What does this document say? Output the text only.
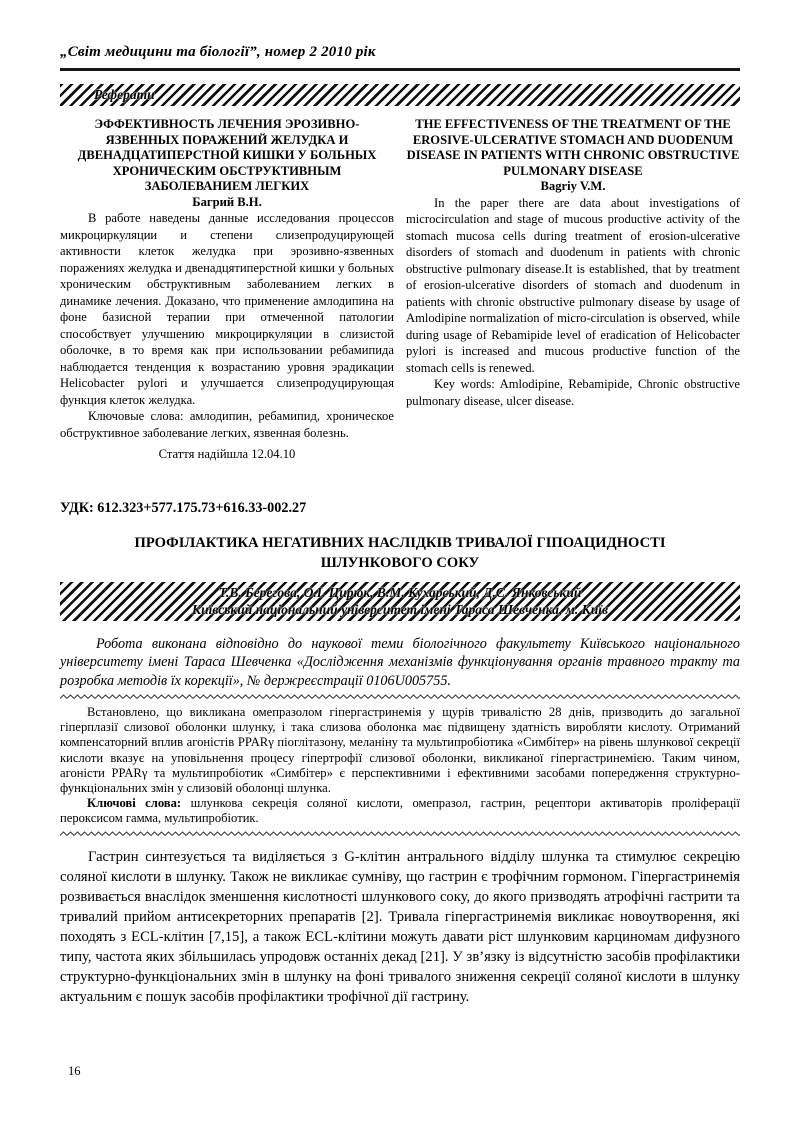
„Світ медицини та біології”, номер 2 2010 рік
Реферати
ЭФФЕКТИВНОСТЬ ЛЕЧЕНИЯ ЭРОЗИВНО-ЯЗВЕННЫХ ПОРАЖЕНИЙ ЖЕЛУДКА И ДВЕНАДЦАТИПЕРСТНОЙ КИШКИ У БОЛЬНЫХ ХРОНИЧЕСКИМ ОБСТРУКТИВНЫМ ЗАБОЛЕВАНИЕМ ЛЕГКИХ
Багрий В.Н.

В работе наведены данные исследования процессов микроциркуляции и степени слизепродуцирующей активности клеток желудка при эрозивно-язвенных поражениях желудка и двенадцятиперстной кишки у больных хроническим обструктивным заболеванием легких в динамике лечения. Доказано, что применение амлодипина на фоне базисной терапии при отмеченной патологии способствует улучшению микроциркуляции в слизистой оболочке, в то время как при использовании ребамипида наблюдается тенденция к возрастанию уровня эрадикации Helicobacter pylori и улучшается слизепродуцирующая функция клеток желудка.

Ключовые слова: амлодипин, ребамипид, хроническое обструктивное заболевание легких, язвенная болезнь.

Стаття надійшла 12.04.10
THE EFFECTIVENESS OF THE TREATMENT OF THE EROSIVE-ULCERATIVE STOMACH AND DUODENUM DISEASE IN PATIENTS WITH CHRONIC OBSTRUCTIVE PULMONARY DISEASE
Bagriy V.M.

In the paper there are data about investigations of microcirculation and stage of mucous productive activity of the stomach mucosa cells during treatment of erosion-ulcerative disorders of stomach and duodenum in patients with chronic obstructive pulmonary disease.It is established, that by treatment of erosion-ulcerative disorders of stomach and duodenum in patients with chronic obstructive pulmonary disease by usage of Amlodipine normalization of micro-circulation is observed, while during usage of Rebamipide level of eradication of Helicobacter pylori is increased and mucous productive function of the stomach cells is renewed.

Key words: Amlodipine, Rebamipide, Chronic obstructive pulmonary disease, ulcer disease.

УДК: 612.323+577.175.73+616.33-002.27
ПРОФІЛАКТИКА НЕГАТИВНИХ НАСЛІДКІВ ТРИВАЛОЇ ГІПОАЦИДНОСТІ ШЛУНКОВОГО СОКУ
Т.В. Берегова, О.І. Цирюк, В.М. Кухарський, Д.С. Янковський
Київський національний університет імені Тараса Шевченка, м. Київ

Робота виконана відповідно до наукової теми біологічного факультету Київського національного університету імені Тараса Шевченка «Дослідження механізмів функціонування органів травного тракту та розробка методів їх корекції», № держреєстрації 0106U005755.

Встановлено, що викликана омепразолом гіпергастринемія у щурів тривалістю 28 днів, призводить до загальної гіперплазії слизової оболонки шлунку, і така слизова оболонка має підвищену здатність виробляти кислоту. Отриманий компенсаторний вплив агоністів PPARγ піоглітазону, меланіну та мультипробіотика «Симбітер» на рівень шлункової секреції кислоти вказує на уповільнення процесу гіпертрофії слизової оболонки, викликаної гіпергастринемією. Таким чином, агоністи PPARγ та мультипробіотик «Симбітер» є перспективними і ефективними засобами попередження структурно-функціональних змін у слизовій оболонці шлунка.

Ключові слова: шлункова секреція соляної кислоти, омепразол, гастрин, рецептори активаторів проліферації пероксисом гамма, мультипробіотик.

Гастрин синтезується та виділяється з G-клітин антрального відділу шлунка та стимулює секрецію соляної кислоти в шлунку. Також не викликає сумніву, що гастрин є трофічним гормоном. Гіпергастринемія розвивається внаслідок зменшення кислотності шлункового соку, до якого призводять атрофічні гастрити та тривалий прийом антисекреторних препаратів [2]. Тривала гіпергастринемія викликає новоутворення, які походять з ECL-клітин [7,15], а також ECL-клітини можуть давати ріст шлунковим карциномам дифузного типу, частота яких збільшилась упродовж останніх декад [21]. У зв’язку із відсутністю засобів профілактики структурно-функціональних змін в шлунку на фоні тривалого зниження секреції соляної кислоти в шлунку актуальним є пошук засобів профілактики трофічної дії гастрину.

16
